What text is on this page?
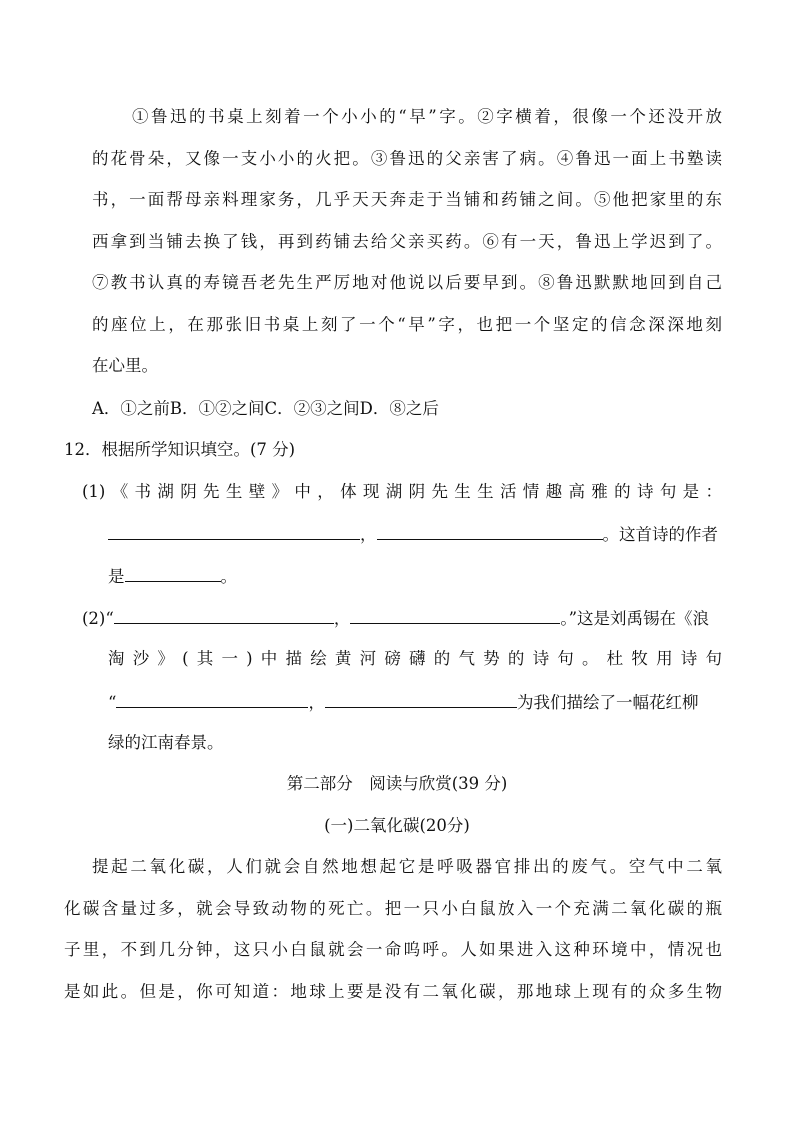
①鲁迅的书桌上刻着一个小小的“早”字。②字横着，很像一个还没开放
的花骨朵，又像一支小小的火把。③鲁迅的父亲害了病。④鲁迅一面上书塾读
书，一面帮母亲料理家务，几乎天天奔走于当铺和药铺之间。⑤他把家里的东
西拿到当铺去换了钱，再到药铺去给父亲买药。⑥有一天，鲁迅上学迟到了。
⑦教书认真的寿镜吾老先生严厉地对他说以后要早到。⑧鲁迅默默地回到自己
的座位上，在那张旧书桌上刻了一个“早”字，也把一个坚定的信念深深地刻
在心里。
A．①之前B．①②之间C．②③之间D．⑧之后
12．根据所学知识填空。(7 分)
(1)《书湖阴先生壁》中，体现湖阴先生生活情趣高雅的诗句是：
，	。这首诗的作者
是	。
(2)“	，	。”这是刘禹锡在《浪
淘沙》(其一)中描绘黄河磅礴的气势的诗句。杜牧用诗句
“	，	为我们描绘了一幅花红柳
绿的江南春景。
第二部分　阅读与欣赏(39 分)
(一)二氧化碳(20分)
提起二氧化碳，人们就会自然地想起它是呼吸器官排出的废气。空气中二氧
化碳含量过多，就会导致动物的死亡。把一只小白鼠放入一个充满二氧化碳的瓶
子里，不到几分钟，这只小白鼠就会一命呜呼。人如果进入这种环境中，情况也
是如此。但是，你可知道：地球上要是没有二氧化碳，那地球上现有的众多生物
